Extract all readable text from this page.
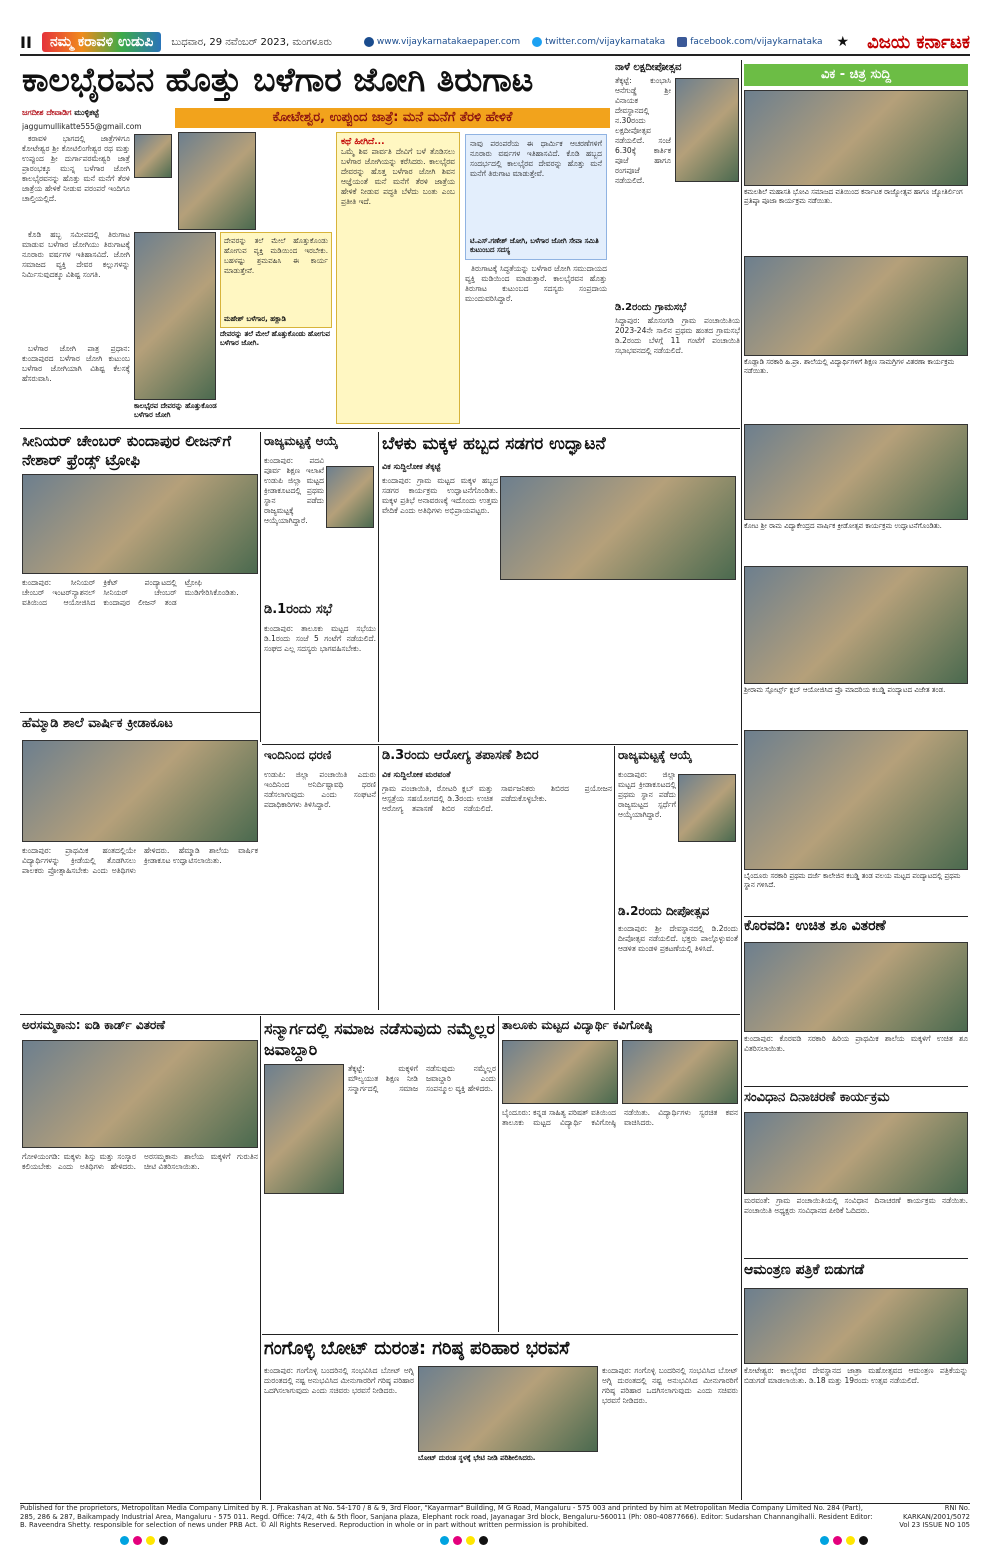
II	ನಮ್ಮ ಕರಾವಳಿ ಉಡುಪಿ	ಬುಧವಾರ, 29 ನವೆಂಬರ್ 2023, ಮಂಗಳೂರು	www.vijaykarnatakaepaper.com	twitter.com/vijaykarnataka	facebook.com/vijaykarnataka ★ ವಿಜಯ ಕರ್ನಾಟಕ
ಕಾಲಭೈರವನ ಹೊತ್ತು ಬಳೆಗಾರ ಜೋಗಿ ತಿರುಗಾಟ
ಜಗದೀಶ ದೇವಾಡಿಗ ಮುಳ್ಳಿಕಟ್ಟೆ	ಕೋಟೇಶ್ವರ, ಉಪ್ಪುಂದ ಜಾತ್ರೆ: ಮನೆ ಮನೆಗೆ ತೆರಳಿ ಹೇಳಿಕೆ
jaggumullikatte555@gmail.com

ಕರಾವಳಿ ಭಾಗದಲ್ಲಿ ಜಾತ್ರೆಗಳಿಗೂ ಕೋಟೇಶ್ವರ ಶ್ರೀ ಕೋಟಿಲಿಂಗೇಶ್ವರ ರಥ ಮತ್ತು ಉಪ್ಪುಂದ ಶ್ರೀ ದುರ್ಗಾಪರಮೇಶ್ವರಿ ಜಾತ್ರೆ ಪ್ರಾರಂಭಕ್ಕೂ ಮುನ್ನ ಬಳೆಗಾರ ಜೋಗಿ ಕಾಲಭೈರವನನ್ನು ಹೊತ್ತು ಮನೆ ಮನೆಗೆ ತೆರಳಿ ಜಾತ್ರೆಯ ಹೇಳಿಕೆ ನೀಡುವ ಪರಂಪರೆ ಇಂದಿಗೂ ಚಾಲ್ತಿಯಲ್ಲಿದೆ.

ಕೊಡಿ ಹಬ್ಬ ಸಮೀಪದಲ್ಲಿ ತಿರುಗಾಟ ಮಾಡುವ ಬಳೆಗಾರ ಜೋಗಿಯು ತಿರುಗಾಟಕ್ಕೆ ನೂರಾರು ವರ್ಷಗಳ ಇತಿಹಾಸವಿದೆ. ಜೋಗಿ ಸಮಾಜದ ವ್ಯಕ್ತಿ ದೇವರ ಕಲ್ಲುಗಳನ್ನು ನಿರ್ಮಿಸುವುದಕ್ಕೂ ವಿಶಿಷ್ಟ ಸಂಗತಿ.

ದೇವರನ್ನು ತಲೆ ಮೇಲೆ ಹೊತ್ತುಕೊಂಡು ಹೋಗುವ ವ್ಯಕ್ತಿ ಮಡಿಯಿಂದ ಇರಬೇಕು. ಬಹಳಷ್ಟು ಶ್ರಮವಹಿಸಿ ಈ ಕಾರ್ಯ ಮಾಡುತ್ತೇವೆ.
ಮಹೇಶ್ ಬಳೆಗಾರ, ಹಕ್ಲಾಡಿ
ಕಾಲಭೈರವ ದೇವರನ್ನು ಹೊತ್ತುಕೊಂಡ ಬಳೆಗಾರ ಜೋಗಿ
ದೇವರನ್ನು ತಲೆ ಮೇಲೆ ಹೊತ್ತುಕೊಂಡು ಹೋಗುವ ಬಳೆಗಾರ ಜೋಗಿ.

ಬಳೆಗಾರ ಜೋಗಿ ಪಾತ್ರ ಪ್ರಧಾನ: ಕುಂದಾಪುರದ ಬಳೆಗಾರ ಜೋಗಿ ಕುಟುಂಬ ಬಳೆಗಾರ ಜೋಗಿಯಾಗಿ ವಿಶಿಷ್ಟ ಕೆಲಸಕ್ಕೆ ಹೆಸರುವಾಸಿ.

ಕಥೆ ಹೀಗಿದೆ...
ಒಮ್ಮೆ ಶಿವ ಪಾರ್ವತಿ ದೇವಿಗೆ ಬಳೆ ತೊಡಿಸಲು ಬಳೆಗಾರ ಜೋಗಿಯನ್ನು ಕರೆಸಿದರು. ಕಾಲಭೈರವ ದೇವರನ್ನು ಹೊತ್ತ ಬಳೆಗಾರ ಜೋಗಿ ಶಿವನ ಆಜ್ಞೆಯಂತೆ ಮನೆ ಮನೆಗೆ ತೆರಳಿ ಜಾತ್ರೆಯ ಹೇಳಿಕೆ ನೀಡುವ ಪದ್ಧತಿ ಬೆಳೆದು ಬಂತು ಎಂಬ ಪ್ರತೀತಿ ಇದೆ.
ನಾವು ಪರಂಪರೆಯ ಈ ಧಾರ್ಮಿಕ ಆಚರಣೆಗಳಿಗೆ ನೂರಾರು ವರ್ಷಗಳ ಇತಿಹಾಸವಿದೆ. ಕೊಡಿ ಹಬ್ಬದ ಸಂದರ್ಭದಲ್ಲಿ ಕಾಲಭೈರವ ದೇವರನ್ನು ಹೊತ್ತು ಮನೆ ಮನೆಗೆ ತಿರುಗಾಟ ಮಾಡುತ್ತೇವೆ.
ಟಿ.ಎಸ್.ಗಣೇಶ್ ಜೋಗಿ, ಬಳೆಗಾರ ಜೋಗಿ ಸೇವಾ ಸಮಿತಿ ಕುಟುಂಬದ ಸದಸ್ಯ

ತಿರುಗಾಟಕ್ಕೆ ಸಿದ್ಧತೆಯನ್ನು ಬಳೆಗಾರ ಜೋಗಿ ಸಮುದಾಯದ ವ್ಯಕ್ತಿ ಮಡಿಯಿಂದ ಮಾಡುತ್ತಾರೆ. ಕಾಲಭೈರವನ ಹೊತ್ತು ತಿರುಗಾಟ ಕುಟುಂಬದ ಸದಸ್ಯರು ಸಂಪ್ರದಾಯ ಮುಂದುವರಿಸಿದ್ದಾರೆ.

ನಾಳೆ ಲಕ್ಷದೀಪೋತ್ಸವ
ತೆಕ್ಕಟ್ಟೆ: ಕುಂಭಾಸಿ ಆನೆಗುಡ್ಡೆ ಶ್ರೀ ವಿನಾಯಕ ದೇವಸ್ಥಾನದಲ್ಲಿ ನ.30ರಂದು ಲಕ್ಷದೀಪೋತ್ಸವ ನಡೆಯಲಿದೆ. ಸಂಜೆ 6.30ಕ್ಕೆ ಕಾರ್ತಿಕ ಪೂಜೆ ಹಾಗೂ ರಂಗಪೂಜೆ ನಡೆಯಲಿದೆ.
ಡಿ.2ರಂದು ಗ್ರಾಮಸಭೆ
ಸಿದ್ದಾಪುರ: ಹೊಸಂಗಡಿ ಗ್ರಾಮ ಪಂಚಾಯಿತಿಯ 2023-24ನೇ ಸಾಲಿನ ಪ್ರಥಮ ಹಂತದ ಗ್ರಾಮಸಭೆ ಡಿ.2ರಂದು ಬೆಳಗ್ಗೆ 11 ಗಂಟೆಗೆ ಪಂಚಾಯಿತಿ ಸಭಾಭವನದಲ್ಲಿ ನಡೆಯಲಿದೆ.
ವಿಕ - ಚಿತ್ರ ಸುದ್ದಿ
ಕಮಲಶಿಲೆ ಮಹಾಸತಿ ಭೋವಿ ಸಮಾಜದ ವತಿಯಿಂದ ಕರ್ನಾಟಕ ರಾಜ್ಯೋತ್ಸವ ಹಾಗೂ ಜ್ಯೋತಿರ್ಲಿಂಗ ಪ್ರತಿಷ್ಠಾ ಪೂಜಾ ಕಾರ್ಯಕ್ರಮ ನಡೆಯಿತು.
ಕೊಡ್ಲಾಡಿ ಸರಕಾರಿ ಹಿ.ಪ್ರಾ. ಶಾಲೆಯಲ್ಲಿ ವಿದ್ಯಾರ್ಥಿಗಳಿಗೆ ಶಿಕ್ಷಣ ಸಾಮಗ್ರಿಗಳ ವಿತರಣಾ ಕಾರ್ಯಕ್ರಮ ನಡೆಯಿತು.
ಕೋಟ ಶ್ರೀ ರಾಮ ವಿದ್ಯಾಕೇಂದ್ರದ ವಾರ್ಷಿಕ ಕ್ರೀಡೋತ್ಸವ ಕಾರ್ಯಕ್ರಮ ಉದ್ಘಾಟನೆಗೊಂಡಿತು.
ಶ್ರೀರಾಮ ಸ್ಪೋರ್ಟ್ಸ್ ಕ್ಲಬ್ ಆಯೋಜಿಸಿದ ಪ್ರೊ ಮಾದರಿಯ ಕಬಡ್ಡಿ ಪಂದ್ಯಾಟದ ವಿಜೇತ ತಂಡ.
ಬೈಂದೂರು ಸರಕಾರಿ ಪ್ರಥಮ ದರ್ಜೆ ಕಾಲೇಜಿನ ಕಬಡ್ಡಿ ತಂಡ ವಲಯ ಮಟ್ಟದ ಪಂದ್ಯಾಟದಲ್ಲಿ ಪ್ರಥಮ ಸ್ಥಾನ ಗಳಿಸಿದೆ.
ಕೊರವಡಿ: ಉಚಿತ ಶೂ ವಿತರಣೆ
ಕುಂದಾಪುರ: ಕೊರವಡಿ ಸರಕಾರಿ ಹಿರಿಯ ಪ್ರಾಥಮಿಕ ಶಾಲೆಯ ಮಕ್ಕಳಿಗೆ ಉಚಿತ ಶೂ ವಿತರಿಸಲಾಯಿತು.
ಸಂವಿಧಾನ ದಿನಾಚರಣೆ ಕಾರ್ಯಕ್ರಮ
ಮರವಂತೆ: ಗ್ರಾಮ ಪಂಚಾಯಿತಿಯಲ್ಲಿ ಸಂವಿಧಾನ ದಿನಾಚರಣೆ ಕಾರ್ಯಕ್ರಮ ನಡೆಯಿತು. ಪಂಚಾಯಿತಿ ಅಧ್ಯಕ್ಷರು ಸಂವಿಧಾನದ ಪೀಠಿಕೆ ಓದಿದರು.
ಆಮಂತ್ರಣ ಪತ್ರಿಕೆ ಬಿಡುಗಡೆ
ಕೋಟೇಶ್ವರ: ಕಾಲಭೈರವ ದೇವಸ್ಥಾನದ ಜಾತ್ರಾ ಮಹೋತ್ಸವದ ಆಮಂತ್ರಣ ಪತ್ರಿಕೆಯನ್ನು ಬಿಡುಗಡೆ ಮಾಡಲಾಯಿತು. ಡಿ.18 ಮತ್ತು 19ರಂದು ಉತ್ಸವ ನಡೆಯಲಿದೆ.
ಸೀನಿಯರ್ ಚೇಂಬರ್ ಕುಂದಾಪುರ ಲೀಜನ್‌ಗೆ ನೇಶಾರ್ ಫ್ರೆಂಡ್ಸ್ ಟ್ರೋಫಿ
ಕುಂದಾಪುರ: ಸೀನಿಯರ್ ಚೇಂಬರ್ ಇಂಟರ್‌ನ್ಯಾಶನಲ್ ವತಿಯಿಂದ ಆಯೋಜಿಸಿದ ಕ್ರಿಕೆಟ್ ಪಂದ್ಯಾಟದಲ್ಲಿ ಸೀನಿಯರ್ ಚೇಂಬರ್ ಕುಂದಾಪುರ ಲೀಜನ್ ತಂಡ ಟ್ರೋಫಿ ಮುಡಿಗೇರಿಸಿಕೊಂಡಿತು.
ರಾಜ್ಯಮಟ್ಟಕ್ಕೆ ಆಯ್ಕೆ
ಕುಂದಾಪುರ: ಪದವಿ ಪೂರ್ವ ಶಿಕ್ಷಣ ಇಲಾಖೆ ಉಡುಪಿ ಜಿಲ್ಲಾ ಮಟ್ಟದ ಕ್ರೀಡಾಕೂಟದಲ್ಲಿ ಪ್ರಥಮ ಸ್ಥಾನ ಪಡೆದು ರಾಜ್ಯಮಟ್ಟಕ್ಕೆ ಆಯ್ಕೆಯಾಗಿದ್ದಾರೆ.
ಡಿ.1ರಂದು ಸಭೆ
ಕುಂದಾಪುರ: ತಾಲೂಕು ಮಟ್ಟದ ಸಭೆಯು ಡಿ.1ರಂದು ಸಂಜೆ 5 ಗಂಟೆಗೆ ನಡೆಯಲಿದೆ. ಸಂಘದ ಎಲ್ಲ ಸದಸ್ಯರು ಭಾಗವಹಿಸಬೇಕು.
ಬೆಳಕು ಮಕ್ಕಳ ಹಬ್ಬದ ಸಡಗರ ಉದ್ಘಾಟನೆ
ವಿಕ ಸುದ್ದಿಲೋಕ ತೆಕ್ಕಟ್ಟೆ
ಕುಂದಾಪುರ: ಗ್ರಾಮ ಮಟ್ಟದ ಮಕ್ಕಳ ಹಬ್ಬದ ಸಡಗರ ಕಾರ್ಯಕ್ರಮ ಉದ್ಘಾಟನೆಗೊಂಡಿತು. ಮಕ್ಕಳ ಪ್ರತಿಭೆ ಅನಾವರಣಕ್ಕೆ ಇದೊಂದು ಉತ್ತಮ ವೇದಿಕೆ ಎಂದು ಅತಿಥಿಗಳು ಅಭಿಪ್ರಾಯಪಟ್ಟರು.
ಹೆಮ್ಮಾಡಿ ಶಾಲೆ ವಾರ್ಷಿಕ ಕ್ರೀಡಾಕೂಟ
ಕುಂದಾಪುರ: ಪ್ರಾಥಮಿಕ ಹಂತದಲ್ಲಿಯೇ ವಿದ್ಯಾರ್ಥಿಗಳನ್ನು ಕ್ರೀಡೆಯಲ್ಲಿ ತೊಡಗಿಸಲು ಪಾಲಕರು ಪ್ರೋತ್ಸಾಹಿಸಬೇಕು ಎಂದು ಅತಿಥಿಗಳು ಹೇಳಿದರು. ಹೆಮ್ಮಾಡಿ ಶಾಲೆಯ ವಾರ್ಷಿಕ ಕ್ರೀಡಾಕೂಟ ಉದ್ಘಾಟಿಸಲಾಯಿತು.
ಇಂದಿನಿಂದ ಧರಣಿ
ಉಡುಪಿ: ಜಿಲ್ಲಾ ಪಂಚಾಯಿತಿ ಎದುರು ಇಂದಿನಿಂದ ಅನಿರ್ದಿಷ್ಟಾವಧಿ ಧರಣಿ ನಡೆಸಲಾಗುವುದು ಎಂದು ಸಂಘಟನೆ ಪದಾಧಿಕಾರಿಗಳು ತಿಳಿಸಿದ್ದಾರೆ.
ಡಿ.3ರಂದು ಆರೋಗ್ಯ ತಪಾಸಣೆ ಶಿಬಿರ
ವಿಕ ಸುದ್ದಿಲೋಕ ಮರವಂತೆ
ಗ್ರಾಮ ಪಂಚಾಯಿತಿ, ರೋಟರಿ ಕ್ಲಬ್ ಮತ್ತು ಆಸ್ಪತ್ರೆಯ ಸಹಯೋಗದಲ್ಲಿ ಡಿ.3ರಂದು ಉಚಿತ ಆರೋಗ್ಯ ತಪಾಸಣೆ ಶಿಬಿರ ನಡೆಯಲಿದೆ. ಸಾರ್ವಜನಿಕರು ಶಿಬಿರದ ಪ್ರಯೋಜನ ಪಡೆದುಕೊಳ್ಳಬೇಕು.
ರಾಜ್ಯಮಟ್ಟಕ್ಕೆ ಆಯ್ಕೆ
ಕುಂದಾಪುರ: ಜಿಲ್ಲಾ ಮಟ್ಟದ ಕ್ರೀಡಾಕೂಟದಲ್ಲಿ ಪ್ರಥಮ ಸ್ಥಾನ ಪಡೆದು ರಾಜ್ಯಮಟ್ಟದ ಸ್ಪರ್ಧೆಗೆ ಆಯ್ಕೆಯಾಗಿದ್ದಾರೆ.
ಡಿ.2ರಂದು ದೀಪೋತ್ಸವ
ಕುಂದಾಪುರ: ಶ್ರೀ ದೇವಸ್ಥಾನದಲ್ಲಿ ಡಿ.2ರಂದು ದೀಪೋತ್ಸವ ನಡೆಯಲಿದೆ. ಭಕ್ತರು ಪಾಲ್ಗೊಳ್ಳುವಂತೆ ಆಡಳಿತ ಮಂಡಳಿ ಪ್ರಕಟಣೆಯಲ್ಲಿ ತಿಳಿಸಿದೆ.
ಅರಸಮ್ಮಕಾನು: ಐಡಿ ಕಾರ್ಡ್ ವಿತರಣೆ
ಗೋಳಿಯಂಗಡಿ: ಮಕ್ಕಳು ಶಿಸ್ತು ಮತ್ತು ಸಂಸ್ಕಾರ ಕಲಿಯಬೇಕು ಎಂದು ಅತಿಥಿಗಳು ಹೇಳಿದರು. ಅರಸಮ್ಮಕಾನು ಶಾಲೆಯ ಮಕ್ಕಳಿಗೆ ಗುರುತಿನ ಚೀಟಿ ವಿತರಿಸಲಾಯಿತು.
ಸನ್ಮಾರ್ಗದಲ್ಲಿ ಸಮಾಜ ನಡೆಸುವುದು ನಮ್ಮೆಲ್ಲರ ಜವಾಬ್ದಾರಿ
ತೆಕ್ಕಟ್ಟೆ: ಮಕ್ಕಳಿಗೆ ಮೌಲ್ಯಯುತ ಶಿಕ್ಷಣ ನೀಡಿ ಸನ್ಮಾರ್ಗದಲ್ಲಿ ಸಮಾಜ ನಡೆಸುವುದು ನಮ್ಮೆಲ್ಲರ ಜವಾಬ್ದಾರಿ ಎಂದು ಸಂಪನ್ಮೂಲ ವ್ಯಕ್ತಿ ಹೇಳಿದರು.
ತಾಲೂಕು ಮಟ್ಟದ ವಿದ್ಯಾರ್ಥಿ ಕವಿಗೋಷ್ಠಿ
ಬೈಂದೂರು: ಕನ್ನಡ ಸಾಹಿತ್ಯ ಪರಿಷತ್ ವತಿಯಿಂದ ತಾಲೂಕು ಮಟ್ಟದ ವಿದ್ಯಾರ್ಥಿ ಕವಿಗೋಷ್ಠಿ ನಡೆಯಿತು. ವಿದ್ಯಾರ್ಥಿಗಳು ಸ್ವರಚಿತ ಕವನ ವಾಚಿಸಿದರು.
ಗಂಗೊಳ್ಳಿ ಬೋಟ್ ದುರಂತ: ಗರಿಷ್ಠ ಪರಿಹಾರ ಭರವಸೆ
ಕುಂದಾಪುರ: ಗಂಗೊಳ್ಳಿ ಬಂದರಿನಲ್ಲಿ ಸಂಭವಿಸಿದ ಬೋಟ್ ಅಗ್ನಿ ದುರಂತದಲ್ಲಿ ನಷ್ಟ ಅನುಭವಿಸಿದ ಮೀನುಗಾರರಿಗೆ ಗರಿಷ್ಠ ಪರಿಹಾರ ಒದಗಿಸಲಾಗುವುದು ಎಂದು ಸಚಿವರು ಭರವಸೆ ನೀಡಿದರು.
ಬೋಟ್ ದುರಂತ ಸ್ಥಳಕ್ಕೆ ಭೇಟಿ ನೀಡಿ ಪರಿಶೀಲಿಸಿದರು.
ಕುಂದಾಪುರ: ಗಂಗೊಳ್ಳಿ ಬಂದರಿನಲ್ಲಿ ಸಂಭವಿಸಿದ ಬೋಟ್ ಅಗ್ನಿ ದುರಂತದಲ್ಲಿ ನಷ್ಟ ಅನುಭವಿಸಿದ ಮೀನುಗಾರರಿಗೆ ಗರಿಷ್ಠ ಪರಿಹಾರ ಒದಗಿಸಲಾಗುವುದು ಎಂದು ಸಚಿವರು ಭರವಸೆ ನೀಡಿದರು.
Published for the proprietors, Metropolitan Media Company Limited by R. J. Prakashan at No. 54-170 / 8 & 9, 3rd Floor, "Kayarmar" Building, M G Road, Mangaluru - 575 003 and printed by him at Metropolitan Media Company Limited No. 284 (Part), 285, 286 & 287, Baikampady Industrial Area, Mangaluru - 575 011. Regd. Office: 74/2, 4th & 5th floor, Sanjana plaza, Elephant rock road, Jayanagar 3rd block, Bengaluru-560011 (Ph: 080-40877666). Editor: Sudarshan Channangihalli. Resident Editor: B. Raveendra Shetty. responsible for selection of news under PRB Act. © All Rights Reserved. Reproduction in whole or in part without written permission is prohibited.
RNI No. KARKAN/2001/5072
Vol 23 ISSUE NO 105
